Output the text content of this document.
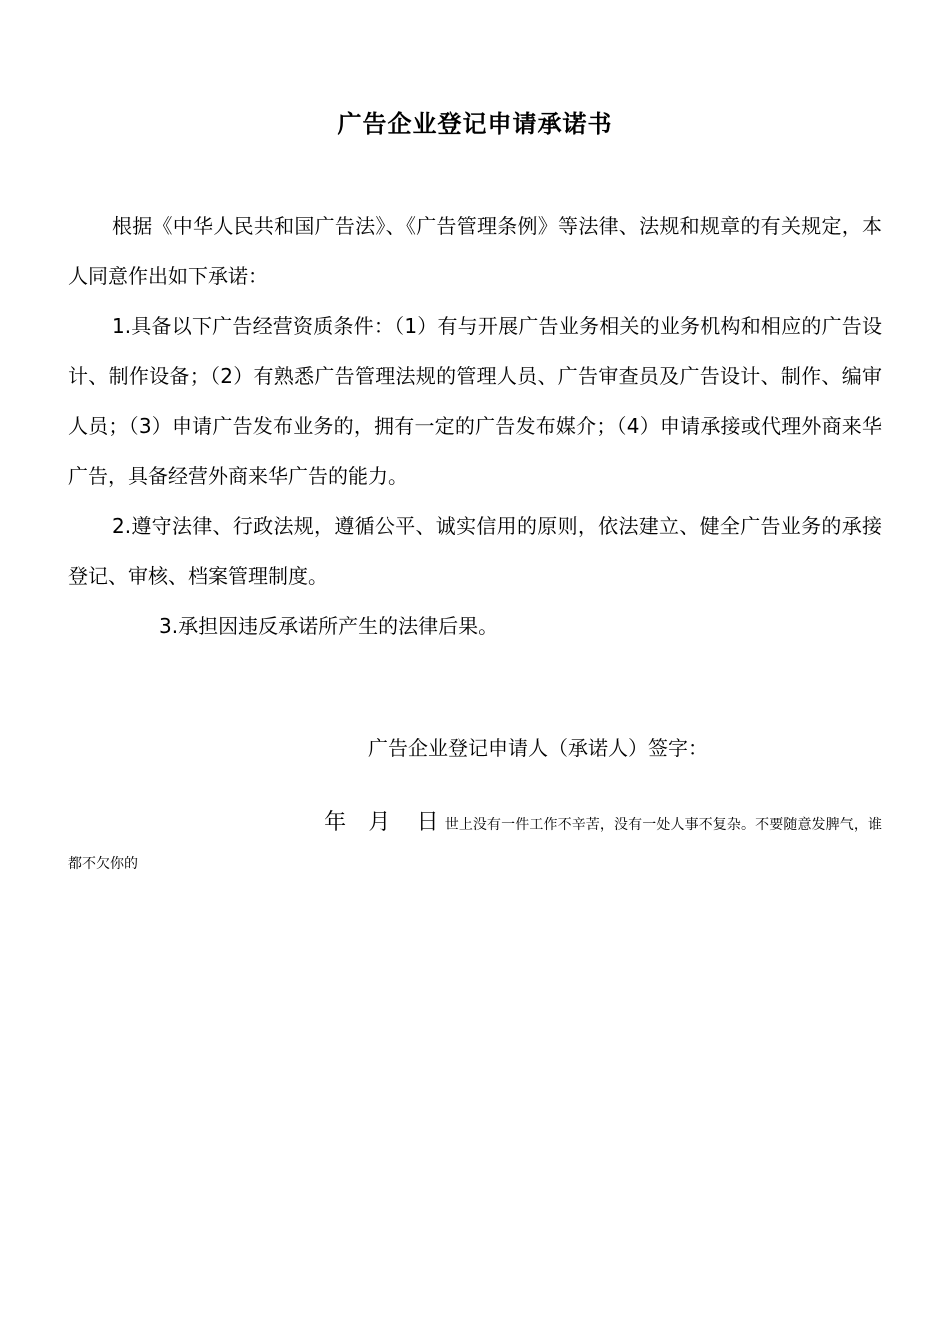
广告企业登记申请承诺书

根据《中华人民共和国广告法》、《广告管理条例》等法律、法规和规章的有关规定，本人同意作出如下承诺：

1.具备以下广告经营资质条件：（1）有与开展广告业务相关的业务机构和相应的广告设计、制作设备；（2）有熟悉广告管理法规的管理人员、广告审查员及广告设计、制作、编审人员；（3）申请广告发布业务的，拥有一定的广告发布媒介；（4）申请承接或代理外商来华广告，具备经营外商来华广告的能力。

2.遵守法律、行政法规，遵循公平、诚实信用的原则，依法建立、健全广告业务的承接登记、审核、档案管理制度。

3.承担因违反承诺所产生的法律后果。

广告企业登记申请人（承诺人）签字：
年 月 日 世上没有一件工作不辛苦，没有一处人事不复杂。不要随意发脾气，谁都不欠你的
